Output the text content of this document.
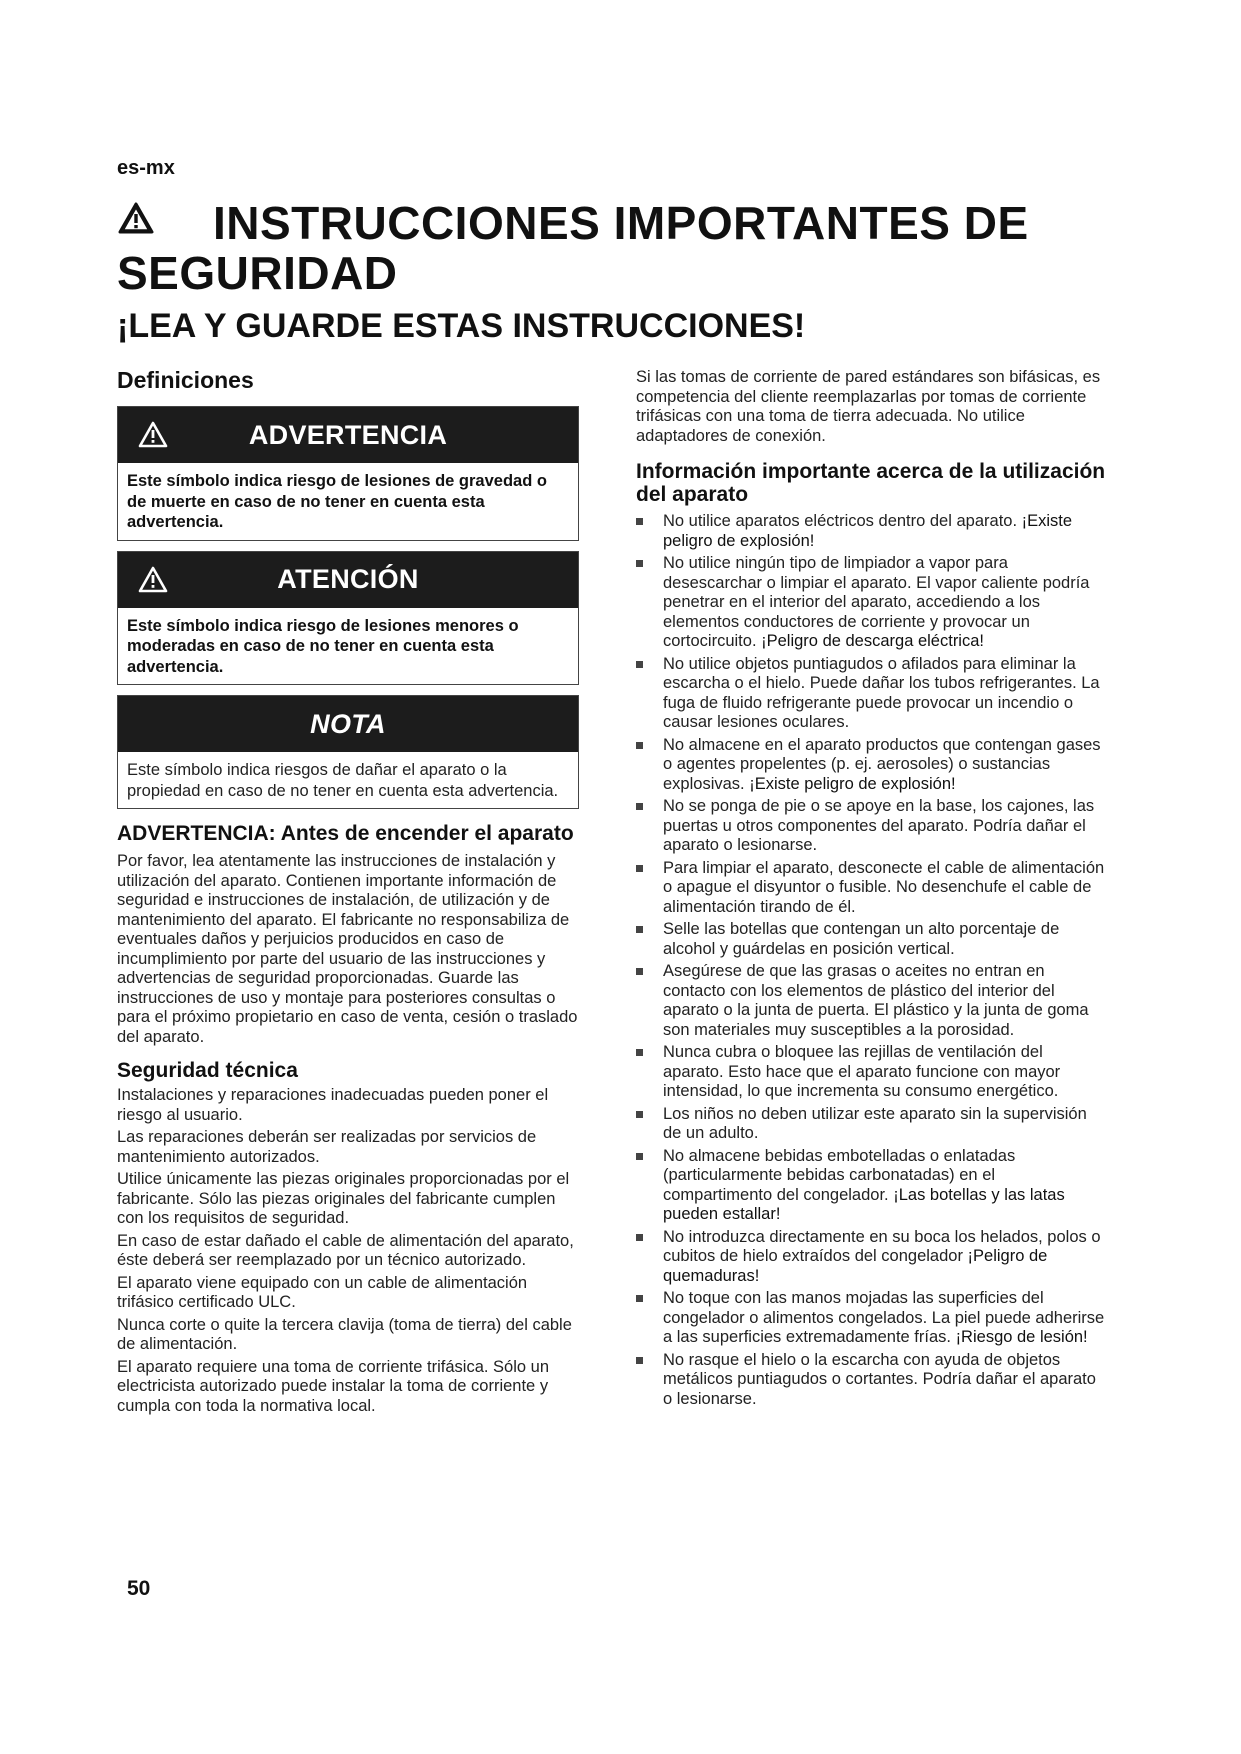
es-mx
INSTRUCCIONES IMPORTANTES DE SEGURIDAD
¡LEA Y GUARDE ESTAS INSTRUCCIONES!
Definiciones
ADVERTENCIA
Este símbolo indica riesgo de lesiones de gravedad o de muerte en caso de no tener en cuenta esta advertencia.
ATENCIÓN
Este símbolo indica riesgo de lesiones menores o moderadas en caso de no tener en cuenta esta advertencia.
NOTA
Este símbolo indica riesgos de dañar el aparato o la propiedad en caso de no tener en cuenta esta advertencia.
ADVERTENCIA: Antes de encender el aparato

Por favor, lea atentamente las instrucciones de instalación y utilización del aparato. Contienen importante información de seguridad e instrucciones de instalación, de utilización y de mantenimiento del aparato. El fabricante no responsabiliza de eventuales daños y perjuicios producidos en caso de incumplimiento por parte del usuario de las instrucciones y advertencias de seguridad proporcionadas. Guarde las instrucciones de uso y montaje para posteriores consultas o para el próximo propietario en caso de venta, cesión o traslado del aparato.

Seguridad técnica

Instalaciones y reparaciones inadecuadas pueden poner el riesgo al usuario.

Las reparaciones deberán ser realizadas por servicios de mantenimiento autorizados.

Utilice únicamente las piezas originales proporcionadas por el fabricante. Sólo las piezas originales del fabricante cumplen con los requisitos de seguridad.

En caso de estar dañado el cable de alimentación del aparato, éste deberá ser reemplazado por un técnico autorizado.

El aparato viene equipado con un cable de alimentación trifásico certificado ULC.

Nunca corte o quite la tercera clavija (toma de tierra) del cable de alimentación.

El aparato requiere una toma de corriente trifásica. Sólo un electricista autorizado puede instalar la toma de corriente y cumpla con toda la normativa local.

Si las tomas de corriente de pared estándares son bifásicas, es competencia del cliente reemplazarlas por tomas de corriente trifásicas con una toma de tierra adecuada. No utilice adaptadores de conexión.

Información importante acerca de la utilización del aparato
No utilice aparatos eléctricos dentro del aparato. ¡Existe peligro de explosión!
No utilice ningún tipo de limpiador a vapor para desescarchar o limpiar el aparato. El vapor caliente podría penetrar en el interior del aparato, accediendo a los elementos conductores de corriente y provocar un cortocircuito. ¡Peligro de descarga eléctrica!
No utilice objetos puntiagudos o afilados para eliminar la escarcha o el hielo. Puede dañar los tubos refrigerantes. La fuga de fluido refrigerante puede provocar un incendio o causar lesiones oculares.
No almacene en el aparato productos que contengan gases o agentes propelentes (p. ej. aerosoles) o sustancias explosivas. ¡Existe peligro de explosión!
No se ponga de pie o se apoye en la base, los cajones, las puertas u otros componentes del aparato. Podría dañar el aparato o lesionarse.
Para limpiar el aparato, desconecte el cable de alimentación o apague el disyuntor o fusible. No desenchufe el cable de alimentación tirando de él.
Selle las botellas que contengan un alto porcentaje de alcohol y guárdelas en posición vertical.
Asegúrese de que las grasas o aceites no entran en contacto con los elementos de plástico del interior del aparato o la junta de puerta. El plástico y la junta de goma son materiales muy susceptibles a la porosidad.
Nunca cubra o bloquee las rejillas de ventilación del aparato. Esto hace que el aparato funcione con mayor intensidad, lo que incrementa su consumo energético.
Los niños no deben utilizar este aparato sin la supervisión de un adulto.
No almacene bebidas embotelladas o enlatadas (particularmente bebidas carbonatadas) en el compartimento del congelador. ¡Las botellas y las latas pueden estallar!
No introduzca directamente en su boca los helados, polos o cubitos de hielo extraídos del congelador ¡Peligro de quemaduras!
No toque con las manos mojadas las superficies del congelador o alimentos congelados. La piel puede adherirse a las superficies extremadamente frías. ¡Riesgo de lesión!
No rasque el hielo o la escarcha con ayuda de objetos metálicos puntiagudos o cortantes. Podría dañar el aparato o lesionarse.
50
